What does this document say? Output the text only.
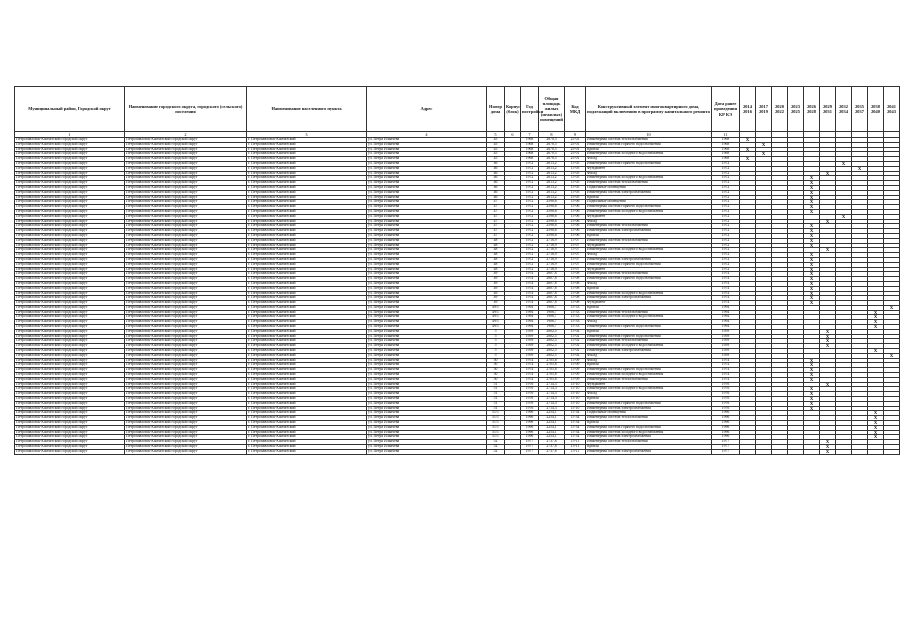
Муниципальный район, Городской округ	Наименование городского округа, городского (сельского) поселения	Наименование населенного пункта	Адрес	Номер дома	Корпус (блок)	Год постройки	Общая площадь жилых (нежилых) помещений	Код МКД	Конструктивный элемент многоквартирного дома, подлежащий включению в программу капитального ремонта	Дата ранее проведения КР КЭ	2014 2016	2017 2019	2020 2022	2023 2025	2026 2028	2029 2031	2032 2034	2035 2037	2038 2040	2041 2043
1	2	3	4	5	6	7	8	9	10	11										
Петропавловск-Камчатский городской округ	Петропавловск-Камчатский городской округ	г. Петропавловск-Камчатский	ул. Петра Ильичева	45		1968	2678,5	25-01	Инженерная система теплоснабжения	1968	X									
Петропавловск-Камчатский городской округ	Петропавловск-Камчатский городской округ	г. Петропавловск-Камчатский	ул. Петра Ильичева	45		1968	2678,5	25-01	Инженерная система горячего водоснабжения	1968		X								
Петропавловск-Камчатский городской округ	Петропавловск-Камчатский городской округ	г. Петропавловск-Камчатский	ул. Петра Ильичева	45		1968	2678,5	25-01	Кровля	1968	X									
Петропавловск-Камчатский городской округ	Петропавловск-Камчатский городской округ	г. Петропавловск-Камчатский	ул. Петра Ильичева	45		1968	2678,5	25-01	Инженерная система холодного водоснабжения	1968		X								
Петропавловск-Камчатский городской округ	Петропавловск-Камчатский городской округ	г. Петропавловск-Камчатский	ул. Петра Ильичева	45		1968	2678,5	25-01	Фасад	1968	X									
Петропавловск-Камчатский городской округ	Петропавловск-Камчатский городской округ	г. Петропавловск-Камчатский	ул. Петра Ильичева	46		1972	2613,2	15-05	Инженерная система горячего водоснабжения	1972							X			
Петропавловск-Камчатский городской округ	Петропавловск-Камчатский городской округ	г. Петропавловск-Камчатский	ул. Петра Ильичева	46		1972	2613,2	15-05	Фундамент	1972								X		
Петропавловск-Камчатский городской округ	Петропавловск-Камчатский городской округ	г. Петропавловск-Камчатский	ул. Петра Ильичева	46		1972	2613,2	15-05	Фасад	1972						X				
Петропавловск-Камчатский городской округ	Петропавловск-Камчатский городской округ	г. Петропавловск-Камчатский	ул. Петра Ильичева	46		1972	2613,2	15-05	Инженерная система холодного водоснабжения	1972					X					
Петропавловск-Камчатский городской округ	Петропавловск-Камчатский городской округ	г. Петропавловск-Камчатский	ул. Петра Ильичева	46		1972	2613,2	15-05	Инженерная система теплоснабжения	1972					X					
Петропавловск-Камчатский городской округ	Петропавловск-Камчатский городской округ	г. Петропавловск-Камчатский	ул. Петра Ильичева	46		1972	2613,2	15-05	Подвальные помещения	1972					X					
Петропавловск-Камчатский городской округ	Петропавловск-Камчатский городской округ	г. Петропавловск-Камчатский	ул. Петра Ильичева	46		1972	2613,2	15-05	Инженерная система электроснабжения	1972					X					
Петропавловск-Камчатский городской округ	Петропавловск-Камчатский городской округ	г. Петропавловск-Камчатский	ул. Петра Ильичева	46		1972	2613,2	15-05	Кровля	1972					X					
Петропавловск-Камчатский городской округ	Петропавловск-Камчатский городской округ	г. Петропавловск-Камчатский	ул. Петра Ильичева	47		1972	2598,6	15-06	Подвальные помещения	1972					X					
Петропавловск-Камчатский городской округ	Петропавловск-Камчатский городской округ	г. Петропавловск-Камчатский	ул. Петра Ильичева	47		1972	2598,6	15-06	Инженерная система горячего водоснабжения	1972					X					
Петропавловск-Камчатский городской округ	Петропавловск-Камчатский городской округ	г. Петропавловск-Камчатский	ул. Петра Ильичева	47		1972	2598,6	15-06	Инженерная система холодного водоснабжения	1972					X					
Петропавловск-Камчатский городской округ	Петропавловск-Камчатский городской округ	г. Петропавловск-Камчатский	ул. Петра Ильичева	47		1972	2598,6	15-06	Фундамент	1972							X			
Петропавловск-Камчатский городской округ	Петропавловск-Камчатский городской округ	г. Петропавловск-Камчатский	ул. Петра Ильичева	47		1972	2598,6	15-06	Фасад	1972						X				
Петропавловск-Камчатский городской округ	Петропавловск-Камчатский городской округ	г. Петропавловск-Камчатский	ул. Петра Ильичева	47		1972	2598,6	15-06	Инженерная система теплоснабжения	1972					X					
Петропавловск-Камчатский городской округ	Петропавловск-Камчатский городской округ	г. Петропавловск-Камчатский	ул. Петра Ильичева	47		1972	2598,6	15-06	Инженерная система электроснабжения	1972					X					
Петропавловск-Камчатский городской округ	Петропавловск-Камчатский городской округ	г. Петропавловск-Камчатский	ул. Петра Ильичева	47		1972	2598,6	15-06	Кровля	1972					X					
Петропавловск-Камчатский городской округ	Петропавловск-Камчатский городской округ	г. Петропавловск-Камчатский	ул. Петра Ильичева	48		1972	2716,9	15-07	Инженерная система теплоснабжения	1972					X					
Петропавловск-Камчатский городской округ	Петропавловск-Камчатский городской округ	г. Петропавловск-Камчатский	ул. Петра Ильичева	48		1972	2716,9	15-07	Фундамент	1972					X					
Петропавловск-Камчатский городской округ	Петропавловск-Камчатский городской округ	г. Петропавловск-Камчатский	ул. Петра Ильичева	48		1972	2716,9	15-07	Инженерная система холодного водоснабжения	1972						X				
Петропавловск-Камчатский городской округ	Петропавловск-Камчатский городской округ	г. Петропавловск-Камчатский	ул. Петра Ильичева	48		1972	2716,9	15-07	Фасад	1972					X					
Петропавловск-Камчатский городской округ	Петропавловск-Камчатский городской округ	г. Петропавловск-Камчатский	ул. Петра Ильичева	48		1972	2716,9	15-07	Инженерная система электроснабжения	1972					X					
Петропавловск-Камчатский городской округ	Петропавловск-Камчатский городской округ	г. Петропавловск-Камчатский	ул. Петра Ильичева	48		1972	2716,9	15-07	Инженерная система горячего водоснабжения	1972					X					
Петропавловск-Камчатский городской округ	Петропавловск-Камчатский городской округ	г. Петропавловск-Камчатский	ул. Петра Ильичева	48		1972	2716,9	15-07	Фундамент	1972					X					
Петропавловск-Камчатский городской округ	Петропавловск-Камчатский городской округ	г. Петропавловск-Камчатский	ул. Петра Ильичева	49		1974	2607,8	15-08	Инженерная система теплоснабжения	1974					X					
Петропавловск-Камчатский городской округ	Петропавловск-Камчатский городской округ	г. Петропавловск-Камчатский	ул. Петра Ильичева	49		1974	2607,8	15-08	Инженерная система горячего водоснабжения	1974					X					
Петропавловск-Камчатский городской округ	Петропавловск-Камчатский городской округ	г. Петропавловск-Камчатский	ул. Петра Ильичева	49		1974	2607,8	15-08	Фасад	1974					X					
Петропавловск-Камчатский городской округ	Петропавловск-Камчатский городской округ	г. Петропавловск-Камчатский	ул. Петра Ильичева	49		1974	2607,8	15-08	Кровля	1974					X					
Петропавловск-Камчатский городской округ	Петропавловск-Камчатский городской округ	г. Петропавловск-Камчатский	ул. Петра Ильичева	49		1974	2607,8	15-08	Инженерная система холодного водоснабжения	1974					X					
Петропавловск-Камчатский городской округ	Петропавловск-Камчатский городской округ	г. Петропавловск-Камчатский	ул. Петра Ильичева	49		1974	2607,8	15-08	Инженерная система электроснабжения	1974					X					
Петропавловск-Камчатский городской округ	Петропавловск-Камчатский городской округ	г. Петропавловск-Камчатский	ул. Петра Ильичева	49		1974	2607,8	15-08	Фундамент	1974					X					
Петропавловск-Камчатский городской округ	Петропавловск-Камчатский городской округ	г. Петропавловск-Камчатский	ул. Петра Ильичева	49/1		1994	1906,7	15-33	Кровля	1994										X
Петропавловск-Камчатский городской округ	Петропавловск-Камчатский городской округ	г. Петропавловск-Камчатский	ул. Петра Ильичева	49/1		1994	1906,7	15-33	Инженерная система теплоснабжения	1994									X	
Петропавловск-Камчатский городской округ	Петропавловск-Камчатский городской округ	г. Петропавловск-Камчатский	ул. Петра Ильичева	49/1		1994	1906,7	15-33	Инженерная система холодного водоснабжения	1994									X	
Петропавловск-Камчатский городской округ	Петропавловск-Камчатский городской округ	г. Петропавловск-Камчатский	ул. Петра Ильичева	49/1		1994	1906,7	15-33	Фасад	1994									X	
Петропавловск-Камчатский городской округ	Петропавловск-Камчатский городской округ	г. Петропавловск-Камчатский	ул. Петра Ильичева	49/1		1994	1906,7	15-33	Инженерная система горячего водоснабжения	1994									X	
Петропавловск-Камчатский городской округ	Петропавловск-Камчатский городской округ	г. Петропавловск-Камчатский	ул. Петра Ильичева	5		1959	2802,5	15-02	Кровля	1959						X				
Петропавловск-Камчатский городской округ	Петропавловск-Камчатский городской округ	г. Петропавловск-Камчатский	ул. Петра Ильичева	5		1959	2802,5	15-02	Инженерная система горячего водоснабжения	1959						X				
Петропавловск-Камчатский городской округ	Петропавловск-Камчатский городской округ	г. Петропавловск-Камчатский	ул. Петра Ильичева	5		1959	2802,5	15-02	Инженерная система теплоснабжения	1959						X				
Петропавловск-Камчатский городской округ	Петропавловск-Камчатский городской округ	г. Петропавловск-Камчатский	ул. Петра Ильичева	5		1959	2802,5	15-02	Инженерная система холодного водоснабжения	1959						X				
Петропавловск-Камчатский городской округ	Петропавловск-Камчатский городской округ	г. Петропавловск-Камчатский	ул. Петра Ильичева	5		1959	2802,5	15-02	Инженерная система электроснабжения	1959									X	
Петропавловск-Камчатский городской округ	Петропавловск-Камчатский городской округ	г. Петропавловск-Камчатский	ул. Петра Ильичева	5		1959	2802,5	15-02	Фасад	1959										X
Петропавловск-Камчатский городской округ	Петропавловск-Камчатский городской округ	г. Петропавловск-Камчатский	ул. Петра Ильичева	50		1974	2705,8	15-09	Фасад	1974					X					
Петропавловск-Камчатский городской округ	Петропавловск-Камчатский городской округ	г. Петропавловск-Камчатский	ул. Петра Ильичева	50		1974	2705,8	15-09	Кровля	1974					X					
Петропавловск-Камчатский городской округ	Петропавловск-Камчатский городской округ	г. Петропавловск-Камчатский	ул. Петра Ильичева	50		1974	2705,8	15-09	Инженерная система горячего водоснабжения	1974					X					
Петропавловск-Камчатский городской округ	Петропавловск-Камчатский городской округ	г. Петропавловск-Камчатский	ул. Петра Ильичева	50		1974	2705,8	15-09	Инженерная система холодного водоснабжения	1974					X					
Петропавловск-Камчатский городской округ	Петропавловск-Камчатский городской округ	г. Петропавловск-Камчатский	ул. Петра Ильичева	50		1974	2705,8	15-09	Инженерная система теплоснабжения	1974					X					
Петропавловск-Камчатский городской округ	Петропавловск-Камчатский городской округ	г. Петропавловск-Камчатский	ул. Петра Ильичева	51		1976	2714,3	15-10	Фундамент	1976						X				
Петропавловск-Камчатский городской округ	Петропавловск-Камчатский городской округ	г. Петропавловск-Камчатский	ул. Петра Ильичева	51		1976	2714,3	15-10	Инженерная система холодного водоснабжения	1976					X					
Петропавловск-Камчатский городской округ	Петропавловск-Камчатский городской округ	г. Петропавловск-Камчатский	ул. Петра Ильичева	51		1976	2714,3	15-10	Фасад	1976					X					
Петропавловск-Камчатский городской округ	Петропавловск-Камчатский городской округ	г. Петропавловск-Камчатский	ул. Петра Ильичева	51		1976	2714,3	15-10	Кровля	1976					X					
Петропавловск-Камчатский городской округ	Петропавловск-Камчатский городской округ	г. Петропавловск-Камчатский	ул. Петра Ильичева	51		1976	2714,3	15-10	Инженерная система горячего водоснабжения	1976					X					
Петропавловск-Камчатский городской округ	Петропавловск-Камчатский городской округ	г. Петропавловск-Камчатский	ул. Петра Ильичева	51		1976	2714,3	15-10	Инженерная система электроснабжения	1976					X					
Петропавловск-Камчатский городской округ	Петропавловск-Камчатский городской округ	г. Петропавловск-Камчатский	ул. Петра Ильичева	51/1		1996	2254,1	15-34	Подвальные помещения	1996									X	
Петропавловск-Камчатский городской округ	Петропавловск-Камчатский городской округ	г. Петропавловск-Камчатский	ул. Петра Ильичева	51/1		1996	2254,1	15-34	Инженерная система теплоснабжения	1996									X	
Петропавловск-Камчатский городской округ	Петропавловск-Камчатский городской округ	г. Петропавловск-Камчатский	ул. Петра Ильичева	51/1		1996	2254,1	15-34	Кровля	1996									X	
Петропавловск-Камчатский городской округ	Петропавловск-Камчатский городской округ	г. Петропавловск-Камчатский	ул. Петра Ильичева	51/1		1996	2254,1	15-34	Инженерная система горячего водоснабжения	1996									X	
Петропавловск-Камчатский городской округ	Петропавловск-Камчатский городской округ	г. Петропавловск-Камчатский	ул. Петра Ильичева	51/1		1996	2254,1	15-34	Инженерная система холодного водоснабжения	1996									X	
Петропавловск-Камчатский городской округ	Петропавловск-Камчатский городской округ	г. Петропавловск-Камчатский	ул. Петра Ильичева	51/1		1996	2254,1	15-34	Инженерная система электроснабжения	1996									X	
Петропавловск-Камчатский городской округ	Петропавловск-Камчатский городской округ	г. Петропавловск-Камчатский	ул. Петра Ильичева	52		1977	2737,8	15-11	Инженерная система теплоснабжения	1977						X				
Петропавловск-Камчатский городской округ	Петропавловск-Камчатский городской округ	г. Петропавловск-Камчатский	ул. Петра Ильичева	52		1977	2737,8	15-11	Кровля	1977						X				
Петропавловск-Камчатский городской округ	Петропавловск-Камчатский городской округ	г. Петропавловск-Камчатский	ул. Петра Ильичева	52		1977	2737,8	15-11	Инженерная система электроснабжения	1977						X				
